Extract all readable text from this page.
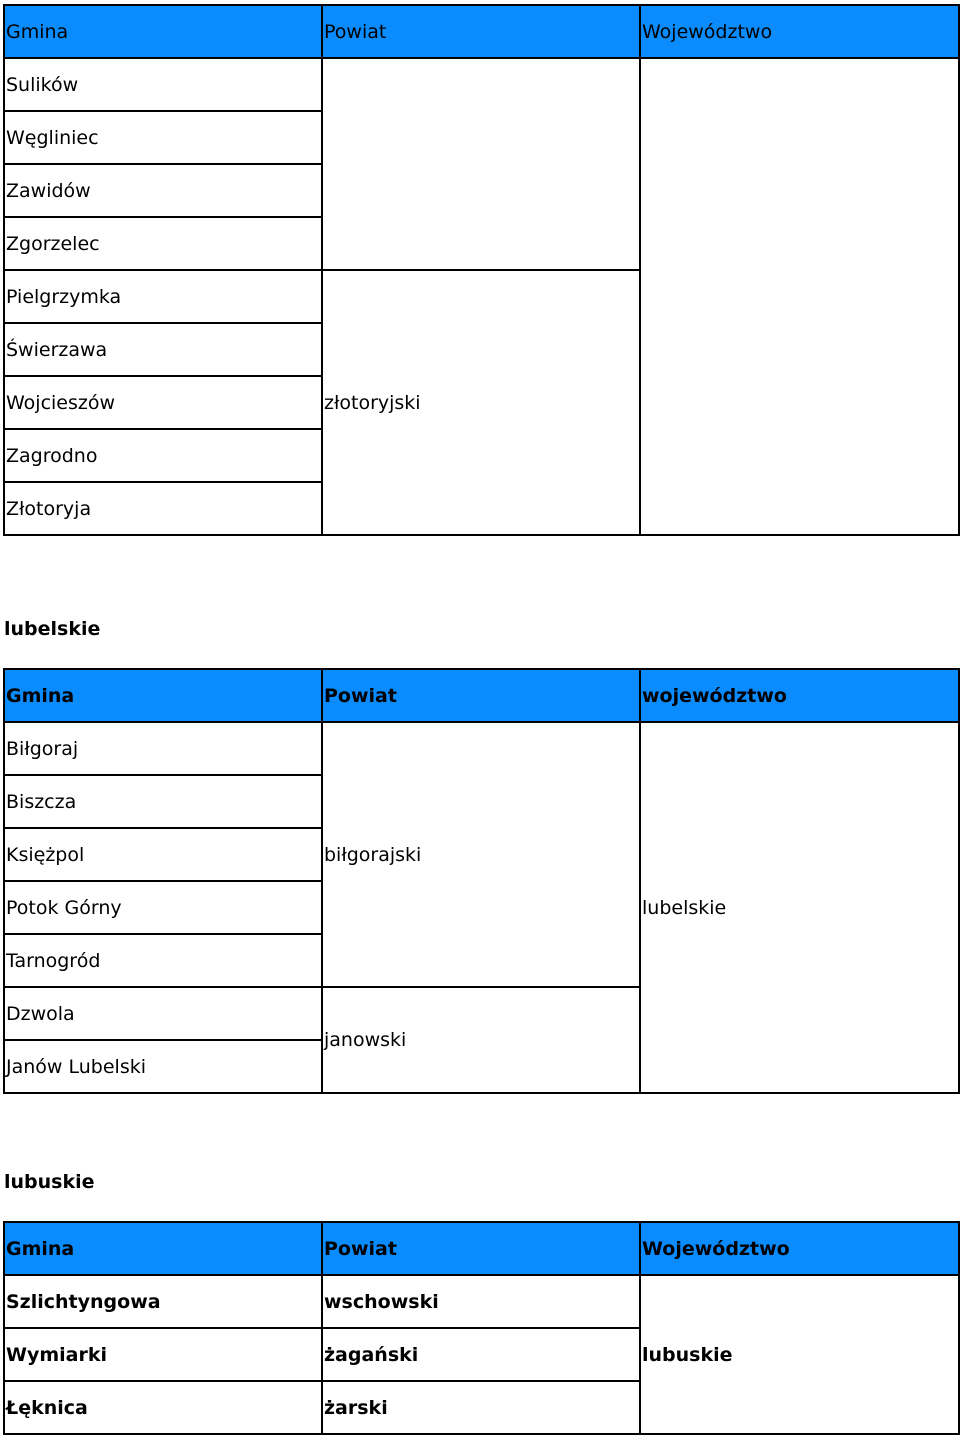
Gmina	Powiat	Województwo
Sulików		
Węgliniec		
Zawidów		
Zgorzelec		
Pielgrzymka	złotoryjski	
Świerzawa		
Wojcieszów		
Zagrodno		
Złotoryja		
lubelskie
Gmina	Powiat	województwo
Biłgoraj	biłgorajski	lubelskie
Biszcza		
Księżpol		
Potok Górny		
Tarnogród		
Dzwola	janowski	
Janów Lubelski		
lubuskie
Gmina	Powiat	Województwo
Szlichtyngowa	wschowski	lubuskie
Wymiarki	żagański	
Łęknica	żarski	
